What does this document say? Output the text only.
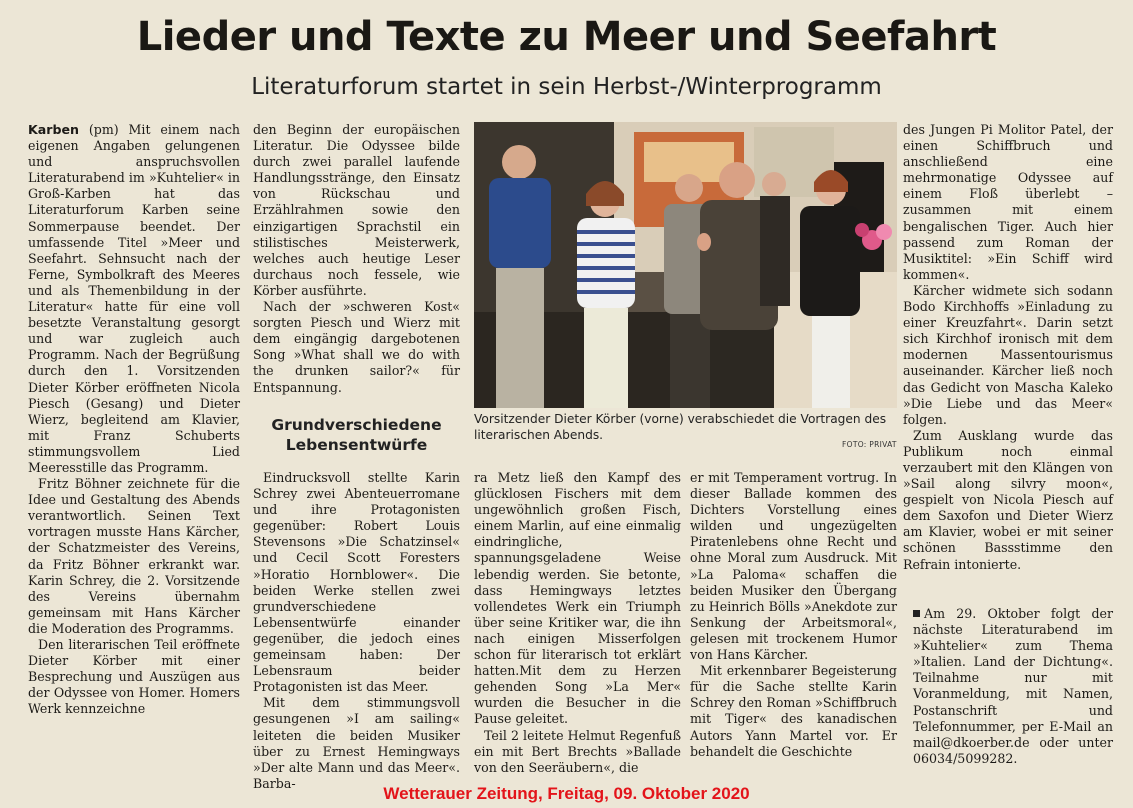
Lieder und Texte zu Meer und Seefahrt
Literaturforum startet in sein Herbst-/Winterprogramm

Karben (pm) Mit einem nach eigenen Angaben gelungenen und anspruchsvollen Literaturabend im »Kuhtelier« in Groß-Karben hat das Literaturforum Karben seine Sommerpause beendet. Der umfassende Titel »Meer und Seefahrt. Sehnsucht nach der Ferne, Symbolkraft des Meeres und als Themenbildung in der Literatur« hatte für eine voll besetzte Veranstaltung gesorgt und war zugleich auch Programm. Nach der Begrüßung durch den 1. Vorsitzenden Dieter Körber eröffneten Nicola Piesch (Gesang) und Dieter Wierz, begleitend am Klavier, mit Franz Schuberts stimmungsvollem Lied Meeresstille das Programm.

Fritz Böhner zeichnete für die Idee und Gestaltung des Abends verantwortlich. Seinen Text vortragen musste Hans Kärcher, der Schatzmeister des Vereins, da Fritz Böhner erkrankt war. Karin Schrey, die 2. Vorsitzende des Vereins übernahm gemeinsam mit Hans Kärcher die Moderation des Programms.

Den literarischen Teil eröffnete Dieter Körber mit einer Besprechung und Auszügen aus der Odyssee von Homer. Homers Werk kennzeichne

den Beginn der europäischen Literatur. Die Odyssee bilde durch zwei parallel laufende Handlungsstränge, den Einsatz von Rückschau und Erzählrahmen sowie den einzigartigen Sprachstil ein stilistisches Meisterwerk, welches auch heutige Leser durchaus noch fessele, wie Körber ausführte.

Nach der »schweren Kost« sorgten Piesch und Wierz mit dem eingängig dargebotenen Song »What shall we do with the drunken sailor?« für Entspannung.

Grundverschiedene Lebensentwürfe

Eindrucksvoll stellte Karin Schrey zwei Abenteuerromane und ihre Protagonisten gegenüber: Robert Louis Stevensons »Die Schatzinsel« und Cecil Scott Foresters »Horatio Hornblower«. Die beiden Werke stellen zwei grundverschiedene Lebensentwürfe einander gegenüber, die jedoch eines gemeinsam haben: Der Lebensraum beider Protagonisten ist das Meer.

Mit dem stimmungsvoll gesungenen »I am sailing« leiteten die beiden Musiker über zu Ernest Hemingways »Der alte Mann und das Meer«. Barba-

Vorsitzender Dieter Körber (vorne) verabschiedet die Vortragen des literarischen Abends.
FOTO: PRIVAT

ra Metz ließ den Kampf des glücklosen Fischers mit dem ungewöhnlich großen Fisch, einem Marlin, auf eine einmalig eindringliche, spannungsgeladene Weise lebendig werden. Sie betonte, dass Hemingways letztes vollendetes Werk ein Triumph über seine Kritiker war, die ihn nach einigen Misserfolgen schon für literarisch tot erklärt hatten.Mit dem zu Herzen gehenden Song »La Mer« wurden die Besucher in die Pause geleitet.

Teil 2 leitete Helmut Regenfuß ein mit Bert Brechts »Ballade von den Seeräubern«, die

er mit Temperament vortrug. In dieser Ballade kommen des Dichters Vorstellung eines wilden und ungezügelten Piratenlebens ohne Recht und ohne Moral zum Ausdruck. Mit »La Paloma« schaffen die beiden Musiker den Übergang zu Heinrich Bölls »Anekdote zur Senkung der Arbeitsmoral«, gelesen mit trockenem Humor von Hans Kärcher.

Mit erkennbarer Begeisterung für die Sache stellte Karin Schrey den Roman »Schiffbruch mit Tiger« des kanadischen Autors Yann Martel vor. Er behandelt die Geschichte

des Jungen Pi Molitor Patel, der einen Schiffbruch und anschließend eine mehrmonatige Odyssee auf einem Floß überlebt – zusammen mit einem bengalischen Tiger. Auch hier passend zum Roman der Musiktitel: »Ein Schiff wird kommen«.

Kärcher widmete sich sodann Bodo Kirchhoffs »Einladung zu einer Kreuzfahrt«. Darin setzt sich Kirchhof ironisch mit dem modernen Massentourismus auseinander. Kärcher ließ noch das Gedicht von Mascha Kaleko »Die Liebe und das Meer« folgen.

Zum Ausklang wurde das Publikum noch einmal verzaubert mit den Klängen von »Sail along silvry moon«, gespielt von Nicola Piesch auf dem Saxofon und Dieter Wierz am Klavier, wobei er mit seiner schönen Bassstimme den Refrain intonierte.

Am 29. Oktober folgt der nächste Literaturabend im »Kuhtelier« zum Thema »Italien. Land der Dichtung«. Teilnahme nur mit Voranmeldung, mit Namen, Postanschrift und Telefonnummer, per E-Mail an mail@dkoerber.de oder unter 06034/5099282.

Wetterauer Zeitung, Freitag, 09. Oktober 2020
